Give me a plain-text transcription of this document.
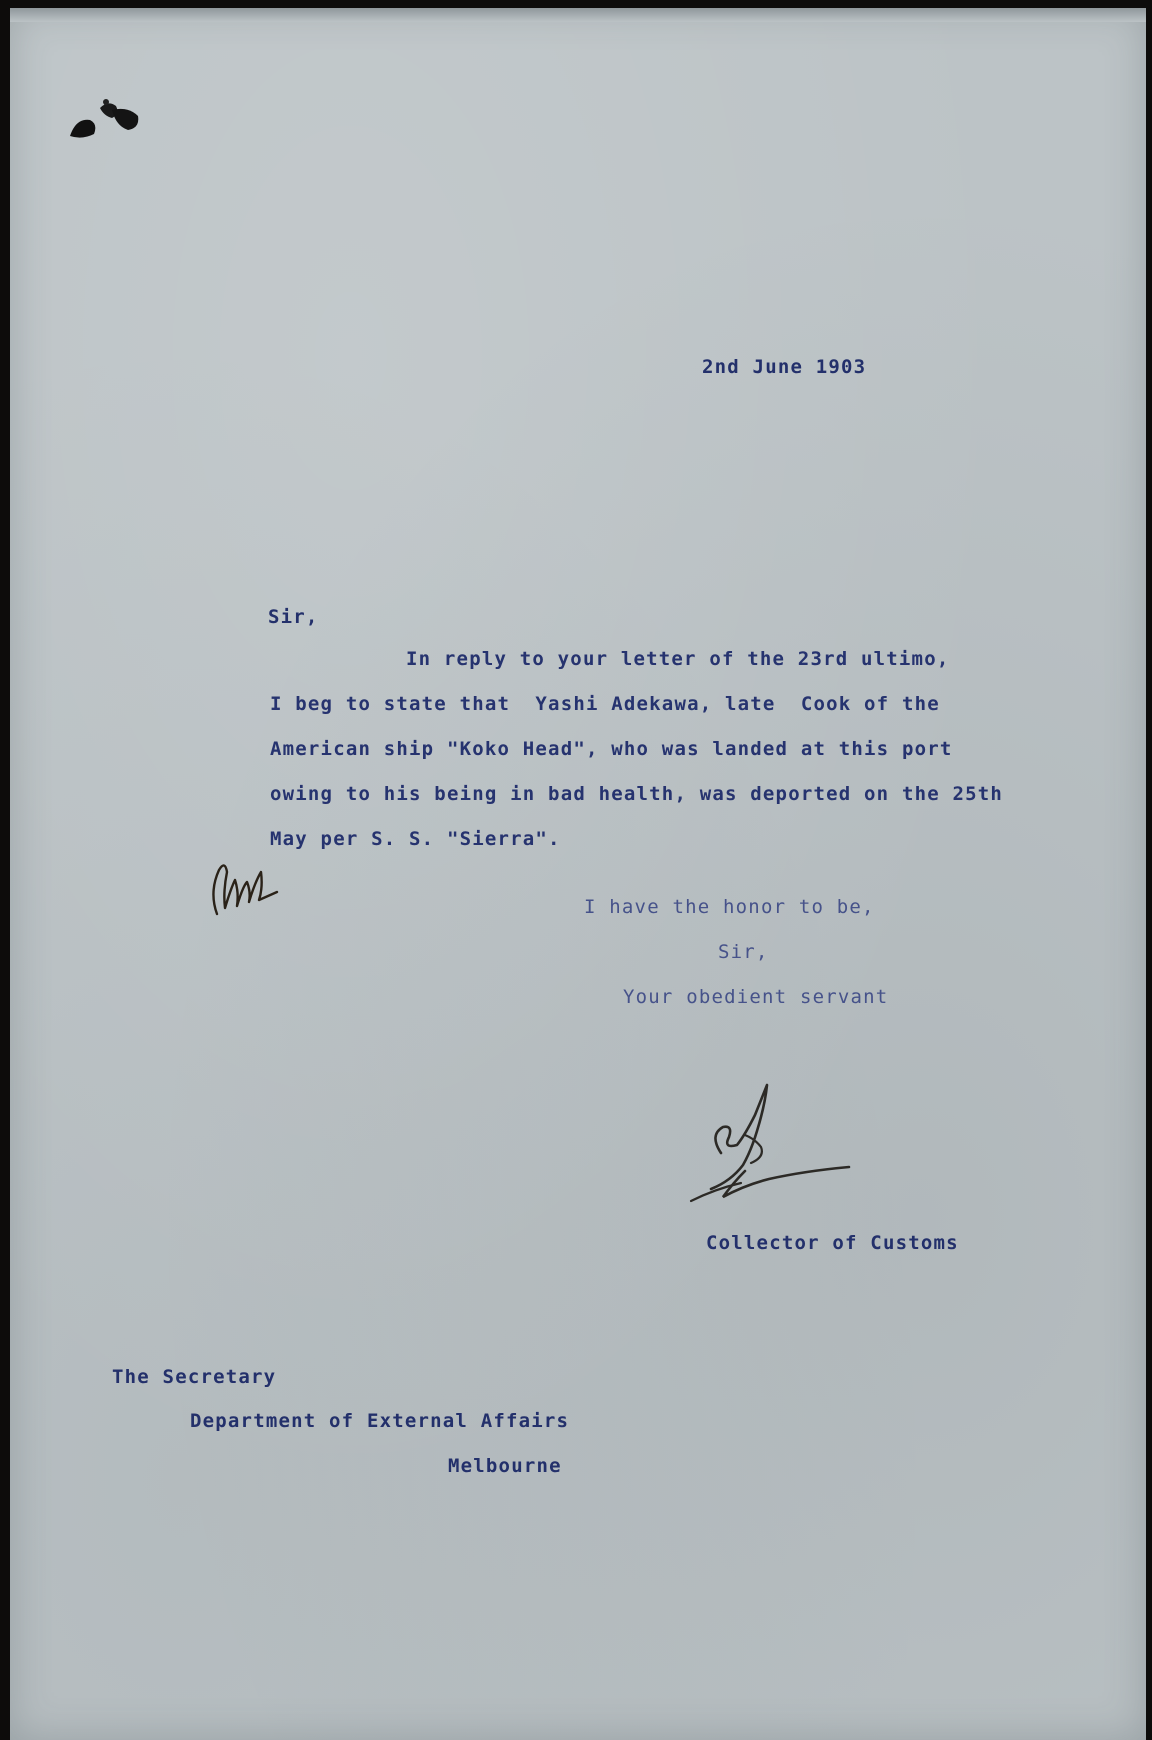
2nd June 1903

Sir,

In reply to your letter of the 23rd ultimo,
I beg to state that  Yashi Adekawa, late  Cook of the
American ship "Koko Head", who was landed at this port
owing to his being in bad health, was deported on the 25th
May per S. S. "Sierra".

I have the honor to be,

Sir,

Your obedient servant

Collector of Customs

The Secretary

Department of External Affairs

Melbourne
